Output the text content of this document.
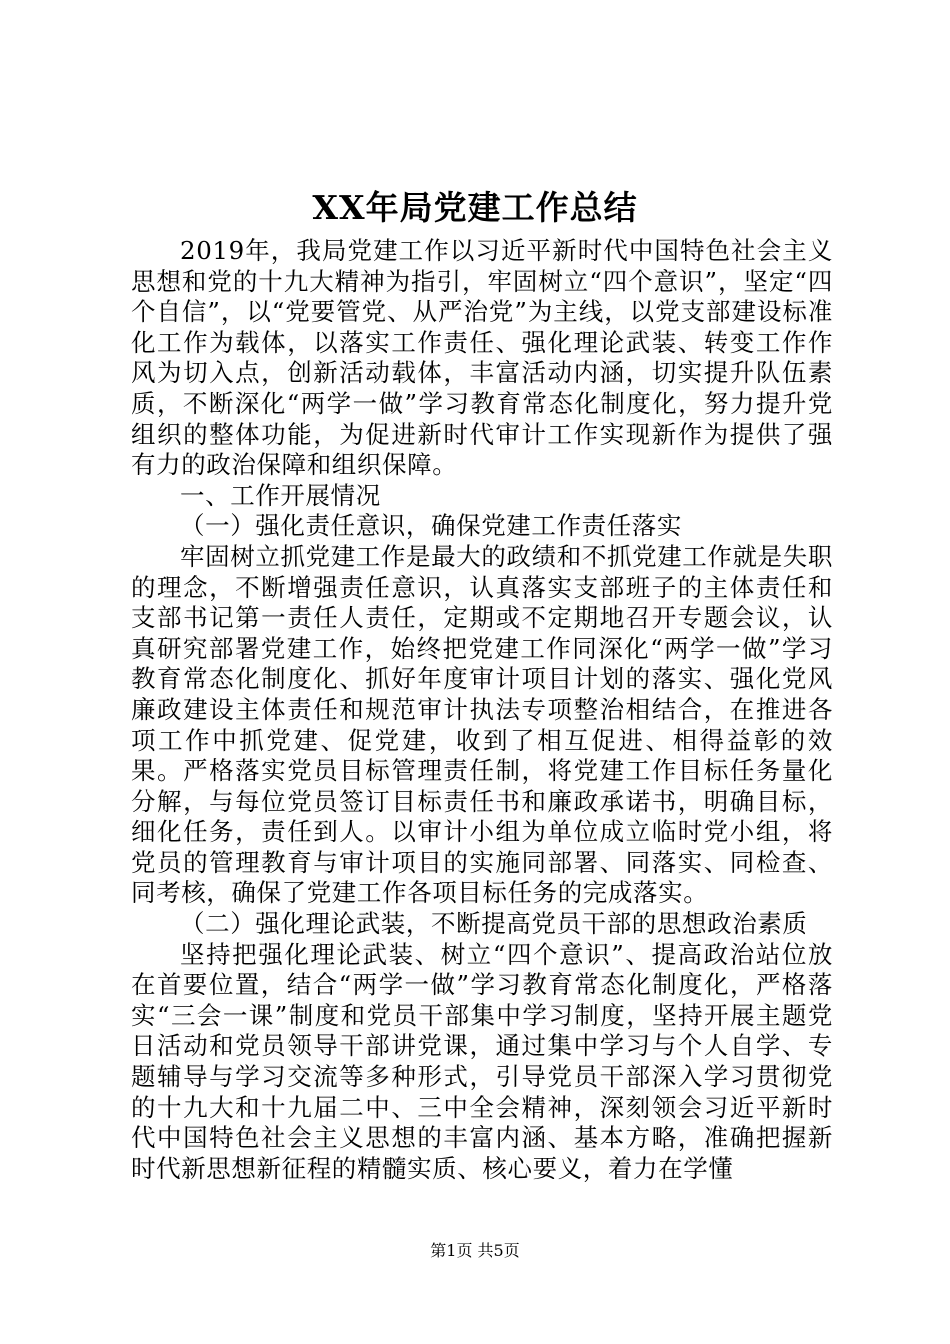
XX年局党建工作总结

2019年，我局党建工作以习近平新时代中国特色社会主义思想和党的十九大精神为指引，牢固树立“四个意识”，坚定“四个自信”，以“党要管党、从严治党”为主线，以党支部建设标准化工作为载体，以落实工作责任、强化理论武装、转变工作作风为切入点，创新活动载体，丰富活动内涵，切实提升队伍素质，不断深化“两学一做”学习教育常态化制度化，努力提升党组织的整体功能，为促进新时代审计工作实现新作为提供了强有力的政治保障和组织保障。

一、工作开展情况

（一）强化责任意识，确保党建工作责任落实

牢固树立抓党建工作是最大的政绩和不抓党建工作就是失职的理念，不断增强责任意识，认真落实支部班子的主体责任和支部书记第一责任人责任，定期或不定期地召开专题会议，认真研究部署党建工作，始终把党建工作同深化“两学一做”学习教育常态化制度化、抓好年度审计项目计划的落实、强化党风廉政建设主体责任和规范审计执法专项整治相结合，在推进各项工作中抓党建、促党建，收到了相互促进、相得益彰的效果。严格落实党员目标管理责任制，将党建工作目标任务量化分解，与每位党员签订目标责任书和廉政承诺书，明确目标，细化任务，责任到人。以审计小组为单位成立临时党小组，将党员的管理教育与审计项目的实施同部署、同落实、同检查、同考核，确保了党建工作各项目标任务的完成落实。

（二）强化理论武装，不断提高党员干部的思想政治素质

坚持把强化理论武装、树立“四个意识”、提高政治站位放在首要位置，结合“两学一做”学习教育常态化制度化，严格落实“三会一课”制度和党员干部集中学习制度，坚持开展主题党日活动和党员领导干部讲党课，通过集中学习与个人自学、专题辅导与学习交流等多种形式，引导党员干部深入学习贯彻党的十九大和十九届二中、三中全会精神，深刻领会习近平新时代中国特色社会主义思想的丰富内涵、基本方略，准确把握新时代新思想新征程的精髓实质、核心要义，着力在学懂

第1页 共5页
